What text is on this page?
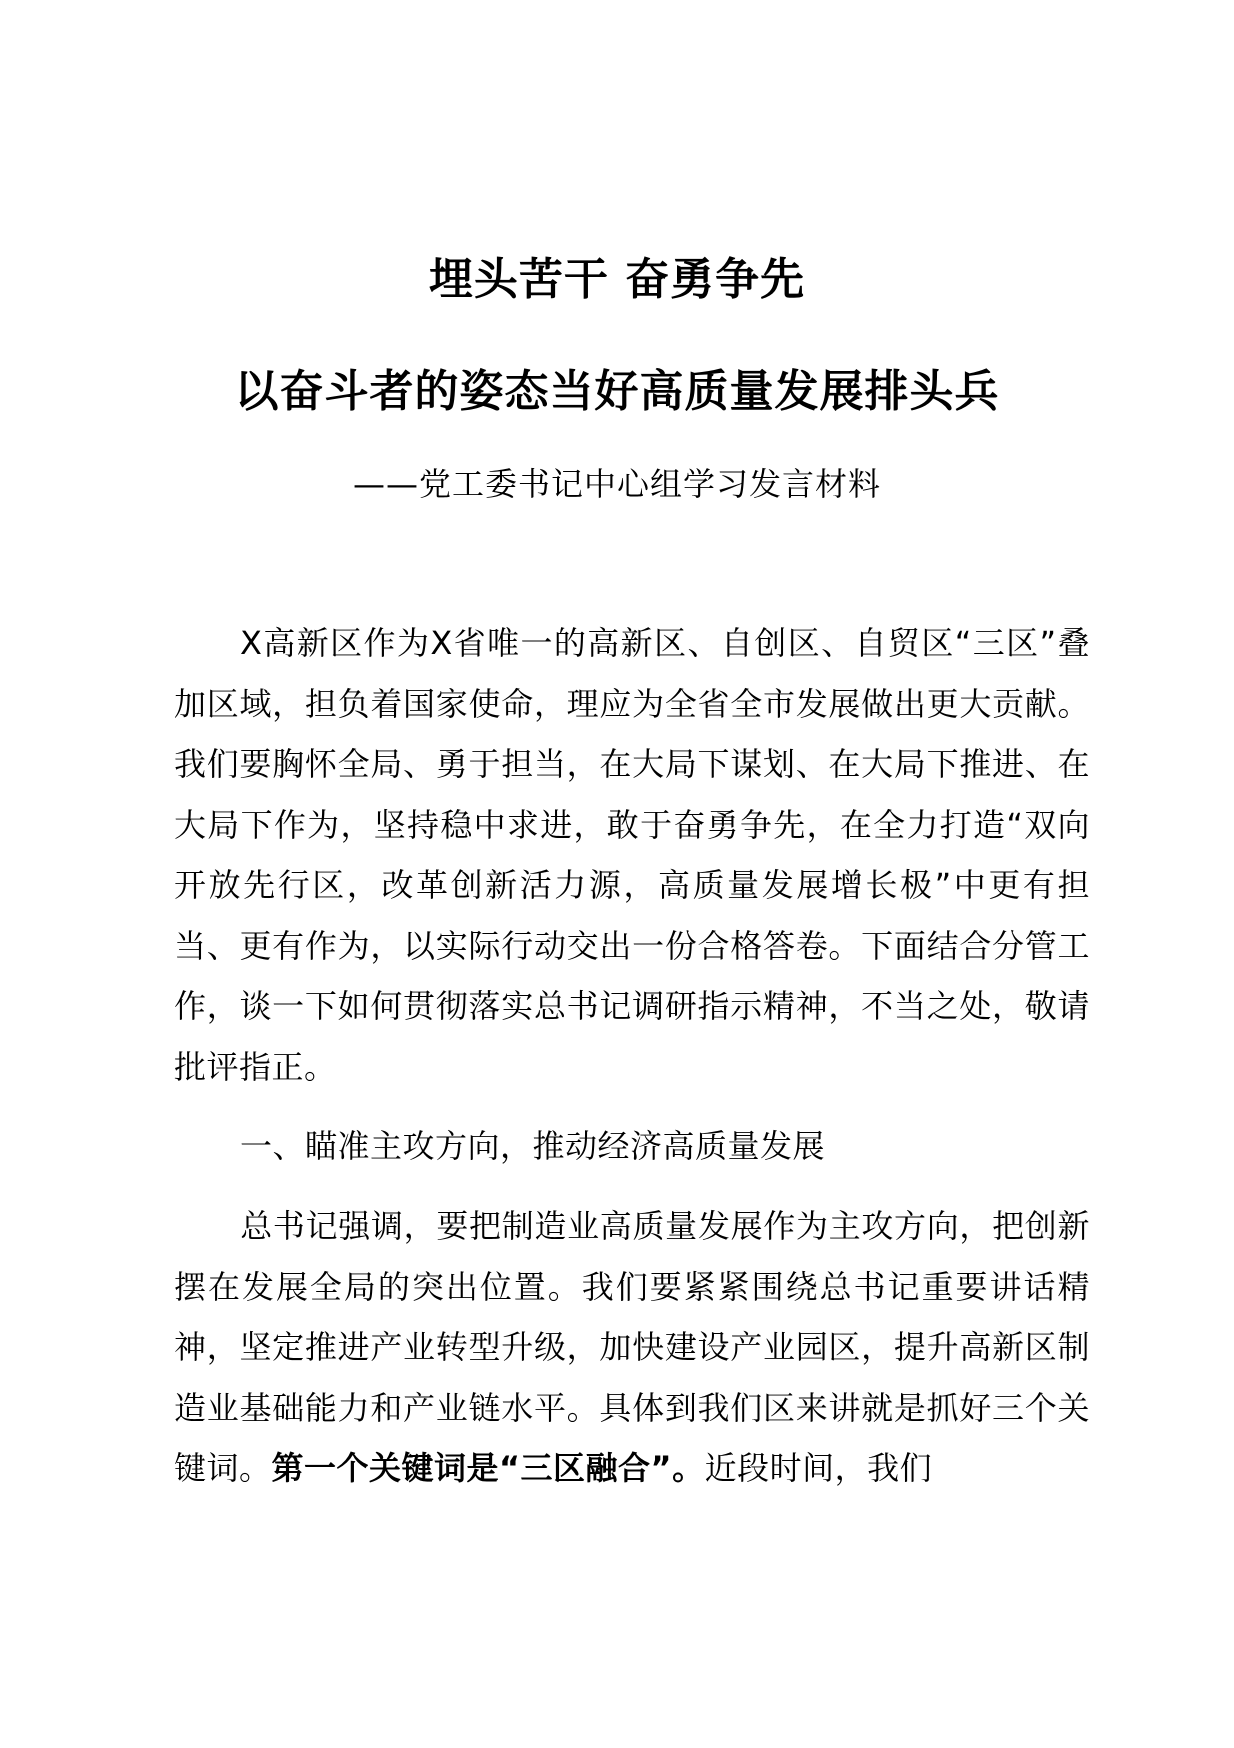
埋头苦干 奋勇争先
以奋斗者的姿态当好高质量发展排头兵
——党工委书记中心组学习发言材料
X高新区作为X省唯一的高新区、自创区、自贸区“三区”叠加区域，担负着国家使命，理应为全省全市发展做出更大贡献。我们要胸怀全局、勇于担当，在大局下谋划、在大局下推进、在大局下作为，坚持稳中求进，敢于奋勇争先，在全力打造“双向开放先行区，改革创新活力源，高质量发展增长极”中更有担当、更有作为，以实际行动交出一份合格答卷。下面结合分管工作，谈一下如何贯彻落实总书记调研指示精神，不当之处，敬请批评指正。
一、瞄准主攻方向，推动经济高质量发展
总书记强调，要把制造业高质量发展作为主攻方向，把创新摆在发展全局的突出位置。我们要紧紧围绕总书记重要讲话精神，坚定推进产业转型升级，加快建设产业园区，提升高新区制造业基础能力和产业链水平。具体到我们区来讲就是抓好三个关键词。第一个关键词是“三区融合”。近段时间，我们
